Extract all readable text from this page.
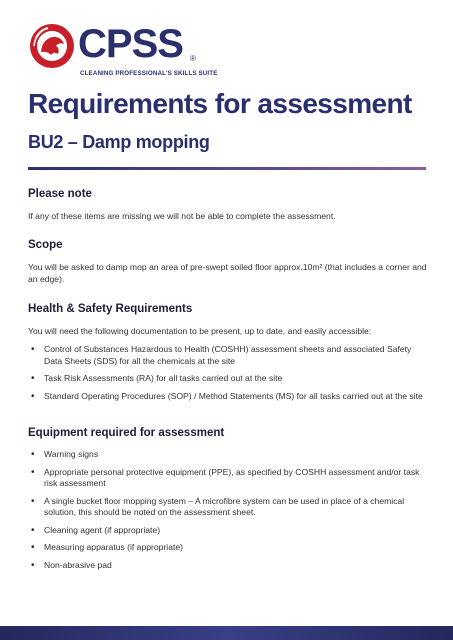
CPSS ®
CLEANING PROFESSIONAL'S SKILLS SUITE
Requirements for assessment
BU2 – Damp mopping
Please note

If any of these items are missing we will not be able to complete the assessment.

Scope

You will be asked to damp mop an area of pre-swept soiled floor approx.10m² (that includes a corner and an edge).

Health & Safety Requirements

You will need the following documentation to be present, up to date, and easily accessible:

• Control of Substances Hazardous to Health (COSHH) assessment sheets and associated Safety Data Sheets (SDS) for all the chemicals at the site
• Task Risk Assessments (RA) for all tasks carried out at the site
• Standard Operating Procedures (SOP) / Method Statements (MS) for all tasks carried out at the site
Equipment required for assessment
• Warning signs
• Appropriate personal protective equipment (PPE), as specified by COSHH assessment and/or task risk assessment
• A single bucket floor mopping system – A microfibre system can be used in place of a chemical solution, this should be noted on the assessment sheet.
• Cleaning agent (if appropriate)
• Measuring apparatus (if appropriate)
• Non-abrasive pad
